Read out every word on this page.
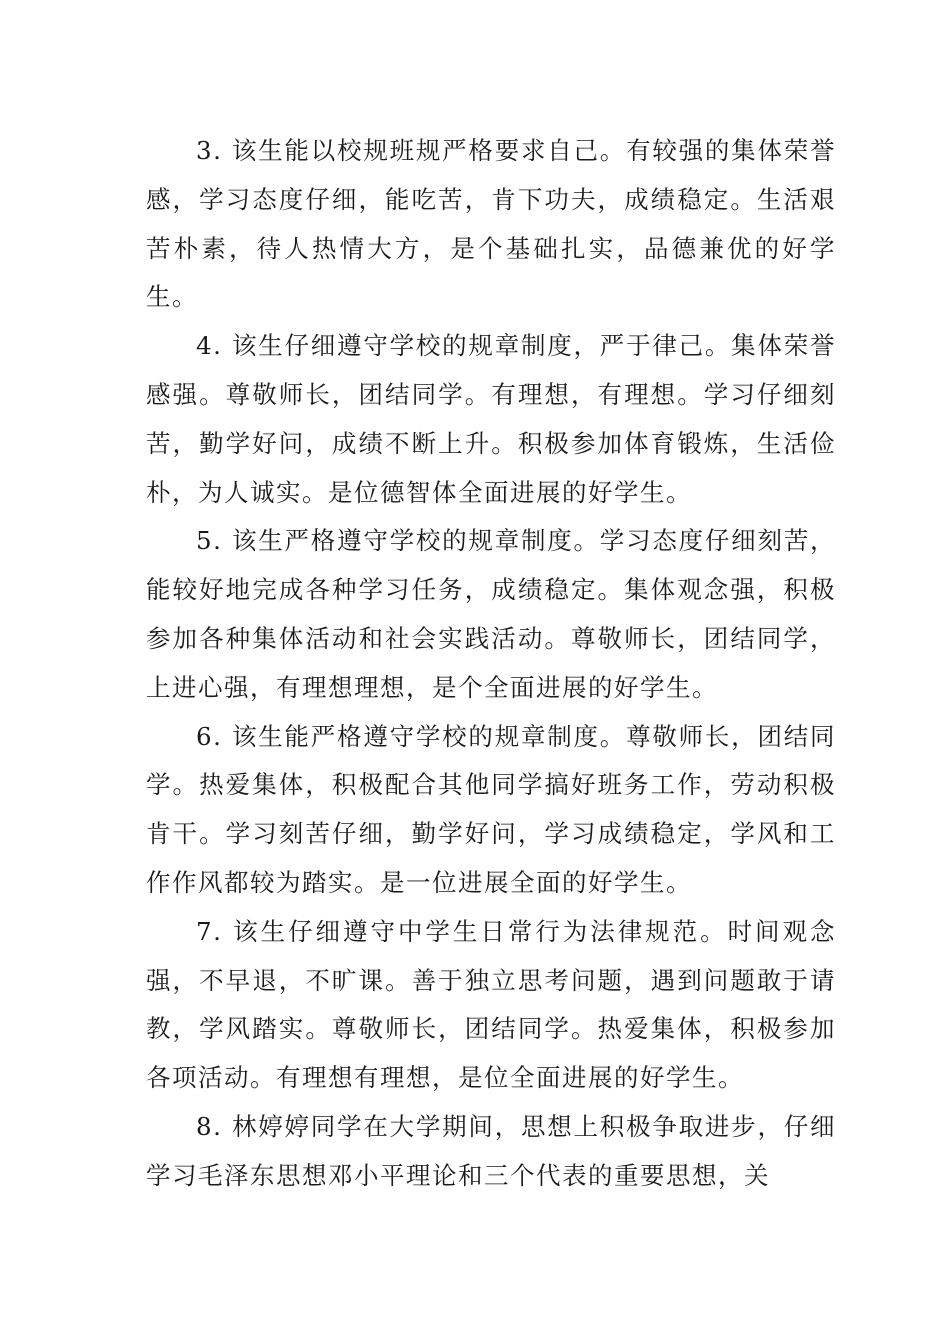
3. 该生能以校规班规严格要求自己。有较强的集体荣誉感，学习态度仔细，能吃苦，肯下功夫，成绩稳定。生活艰苦朴素，待人热情大方，是个基础扎实，品德兼优的好学生。

4. 该生仔细遵守学校的规章制度，严于律己。集体荣誉感强。尊敬师长，团结同学。有理想，有理想。学习仔细刻苦，勤学好问，成绩不断上升。积极参加体育锻炼，生活俭朴，为人诚实。是位德智体全面进展的好学生。

5. 该生严格遵守学校的规章制度。学习态度仔细刻苦，能较好地完成各种学习任务，成绩稳定。集体观念强，积极参加各种集体活动和社会实践活动。尊敬师长，团结同学，上进心强，有理想理想，是个全面进展的好学生。

6. 该生能严格遵守学校的规章制度。尊敬师长，团结同学。热爱集体，积极配合其他同学搞好班务工作，劳动积极肯干。学习刻苦仔细，勤学好问，学习成绩稳定，学风和工作作风都较为踏实。是一位进展全面的好学生。

7. 该生仔细遵守中学生日常行为法律规范。时间观念强，不早退，不旷课。善于独立思考问题，遇到问题敢于请教，学风踏实。尊敬师长，团结同学。热爱集体，积极参加各项活动。有理想有理想，是位全面进展的好学生。

8. 林婷婷同学在大学期间，思想上积极争取进步，仔细学习毛泽东思想邓小平理论和三个代表的重要思想，关
